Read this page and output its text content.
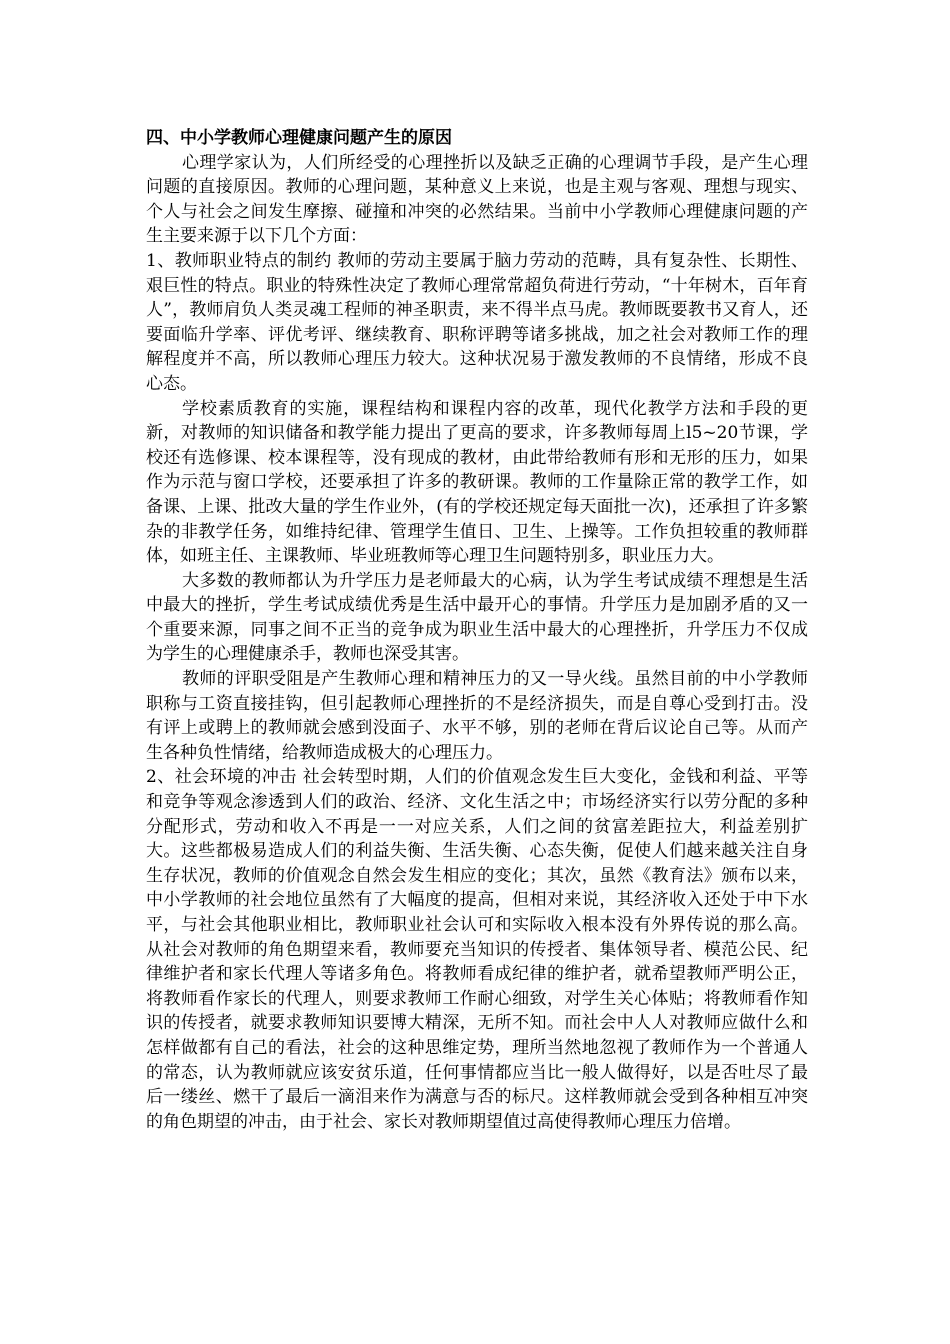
四、中小学教师心理健康问题产生的原因

心理学家认为，人们所经受的心理挫折以及缺乏正确的心理调节手段，是产生心理问题的直接原因。教师的心理问题，某种意义上来说，也是主观与客观、理想与现实、个人与社会之间发生摩擦、碰撞和冲突的必然结果。当前中小学教师心理健康问题的产生主要来源于以下几个方面：

1、教师职业特点的制约 教师的劳动主要属于脑力劳动的范畴，具有复杂性、长期性、艰巨性的特点。职业的特殊性决定了教师心理常常超负荷进行劳动，“十年树木，百年育人”，教师肩负人类灵魂工程师的神圣职责，来不得半点马虎。教师既要教书又育人，还要面临升学率、评优考评、继续教育、职称评聘等诸多挑战，加之社会对教师工作的理解程度并不高，所以教师心理压力较大。这种状况易于激发教师的不良情绪，形成不良心态。

学校素质教育的实施，课程结构和课程内容的改革，现代化教学方法和手段的更新，对教师的知识储备和教学能力提出了更高的要求，许多教师每周上l5~20节课，学校还有选修课、校本课程等，没有现成的教材，由此带给教师有形和无形的压力，如果作为示范与窗口学校，还要承担了许多的教研课。教师的工作量除正常的教学工作，如备课、上课、批改大量的学生作业外，(有的学校还规定每天面批一次)，还承担了许多繁杂的非教学任务，如维持纪律、管理学生值日、卫生、上操等。工作负担较重的教师群体，如班主任、主课教师、毕业班教师等心理卫生问题特别多，职业压力大。

大多数的教师都认为升学压力是老师最大的心病，认为学生考试成绩不理想是生活中最大的挫折，学生考试成绩优秀是生活中最开心的事情。升学压力是加剧矛盾的又一个重要来源，同事之间不正当的竞争成为职业生活中最大的心理挫折，升学压力不仅成为学生的心理健康杀手，教师也深受其害。

教师的评职受阻是产生教师心理和精神压力的又一导火线。虽然目前的中小学教师职称与工资直接挂钩，但引起教师心理挫折的不是经济损失，而是自尊心受到打击。没有评上或聘上的教师就会感到没面子、水平不够，别的老师在背后议论自己等。从而产生各种负性情绪，给教师造成极大的心理压力。

2、社会环境的冲击 社会转型时期，人们的价值观念发生巨大变化，金钱和利益、平等和竞争等观念渗透到人们的政治、经济、文化生活之中；市场经济实行以劳分配的多种分配形式，劳动和收入不再是一一对应关系，人们之间的贫富差距拉大，利益差别扩大。这些都极易造成人们的利益失衡、生活失衡、心态失衡，促使人们越来越关注自身生存状况，教师的价值观念自然会发生相应的变化；其次，虽然《教育法》颁布以来，中小学教师的社会地位虽然有了大幅度的提高，但相对来说，其经济收入还处于中下水平，与社会其他职业相比，教师职业社会认可和实际收入根本没有外界传说的那么高。从社会对教师的角色期望来看，教师要充当知识的传授者、集体领导者、模范公民、纪律维护者和家长代理人等诸多角色。将教师看成纪律的维护者，就希望教师严明公正，将教师看作家长的代理人，则要求教师工作耐心细致，对学生关心体贴；将教师看作知识的传授者，就要求教师知识要博大精深，无所不知。而社会中人人对教师应做什么和怎样做都有自己的看法，社会的这种思维定势，理所当然地忽视了教师作为一个普通人的常态，认为教师就应该安贫乐道，任何事情都应当比一般人做得好，以是否吐尽了最后一缕丝、燃干了最后一滴泪来作为满意与否的标尺。这样教师就会受到各种相互冲突的角色期望的冲击，由于社会、家长对教师期望值过高使得教师心理压力倍增。
